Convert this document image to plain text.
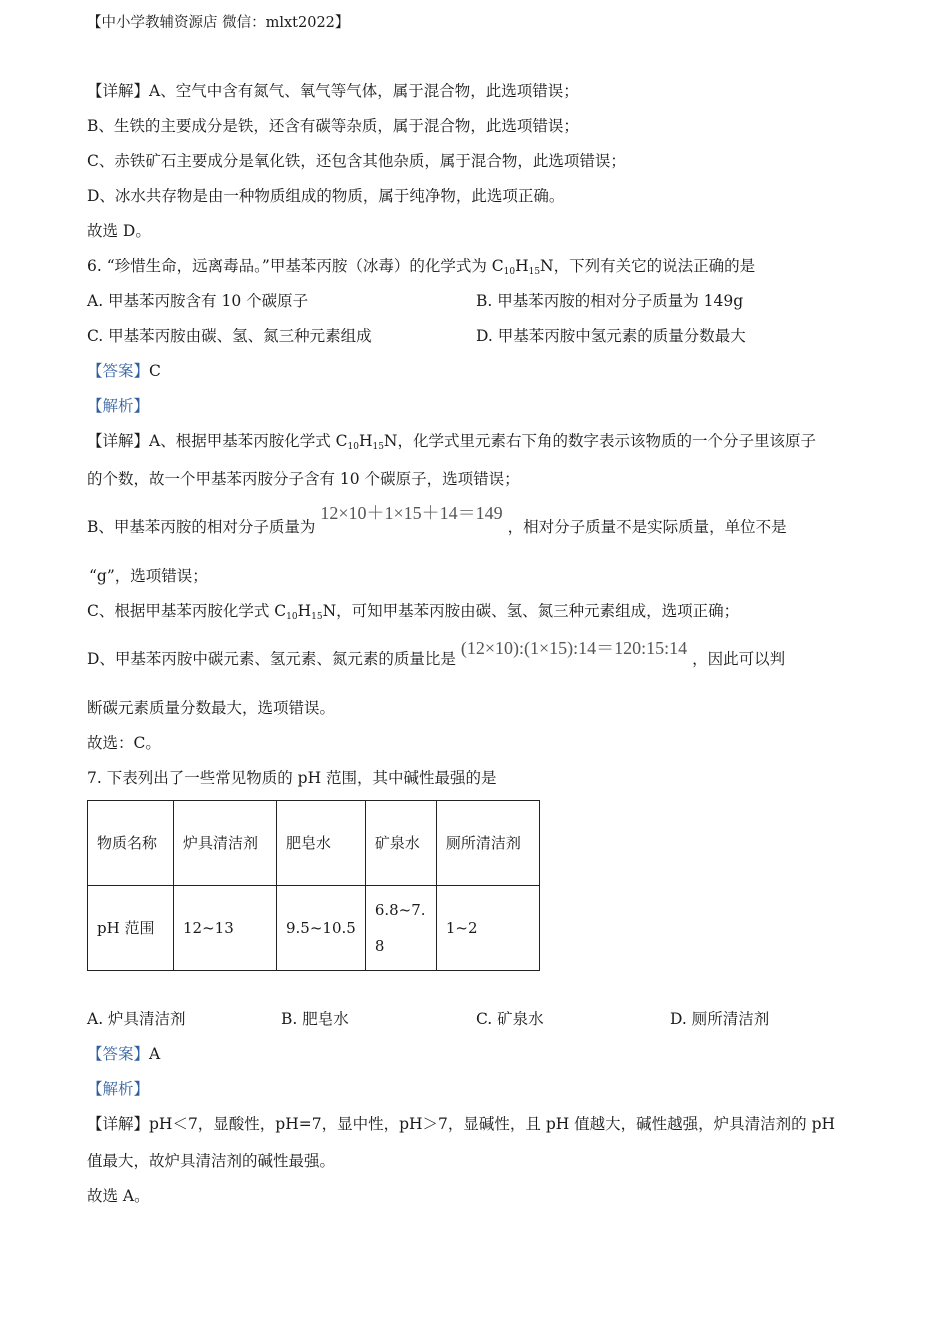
【中小学教辅资源店 微信：mlxt2022】
【详解】A、空气中含有氮气、氧气等气体，属于混合物，此选项错误；
B、生铁的主要成分是铁，还含有碳等杂质，属于混合物，此选项错误；
C、赤铁矿石主要成分是氧化铁，还包含其他杂质，属于混合物，此选项错误；
D、冰水共存物是由一种物质组成的物质，属于纯净物，此选项正确。
故选 D。
6. “珍惜生命，远离毒品。”甲基苯丙胺（冰毒）的化学式为 $C_{10}H_{15}N$，下列有关它的说法正确的是
A. 甲基苯丙胺含有 10 个碳原子	B. 甲基苯丙胺的相对分子质量为 149g
C. 甲基苯丙胺由碳、氢、氮三种元素组成	D. 甲基苯丙胺中氢元素的质量分数最大
【答案】C
【解析】
【详解】A、根据甲基苯丙胺化学式 $C_{10}H_{15}N$，化学式里元素右下角的数字表示该物质的一个分子里该原子
的个数，故一个甲基苯丙胺分子含有 10 个碳原子，选项错误；
B、甲基苯丙胺的相对分子质量为 12×10＋1×15＋14＝149 ，相对分子质量不是实际质量，单位不是
“g”，选项错误；
C、根据甲基苯丙胺化学式 $C_{10}H_{15}N$，可知甲基苯丙胺由碳、氢、氮三种元素组成，选项正确；
D、甲基苯丙胺中碳元素、氢元素、氮元素的质量比是 (12×10):(1×15):14＝120:15:14 ，因此可以判
断碳元素质量分数最大，选项错误。
故选：C。
7. 下表列出了一些常见物质的 pH 范围，其中碱性最强的是
物质名称	炉具清洁剂	肥皂水	矿泉水	厕所清洁剂
pH 范围	12~13	9.5~10.5	6.8~7.8	1~2
A. 炉具清洁剂	B. 肥皂水	C. 矿泉水	D. 厕所清洁剂
【答案】A
【解析】
【详解】pH＜7，显酸性，pH=7，显中性，pH＞7，显碱性，且 pH 值越大，碱性越强，炉具清洁剂的 pH
值最大，故炉具清洁剂的碱性最强。
故选 A。
